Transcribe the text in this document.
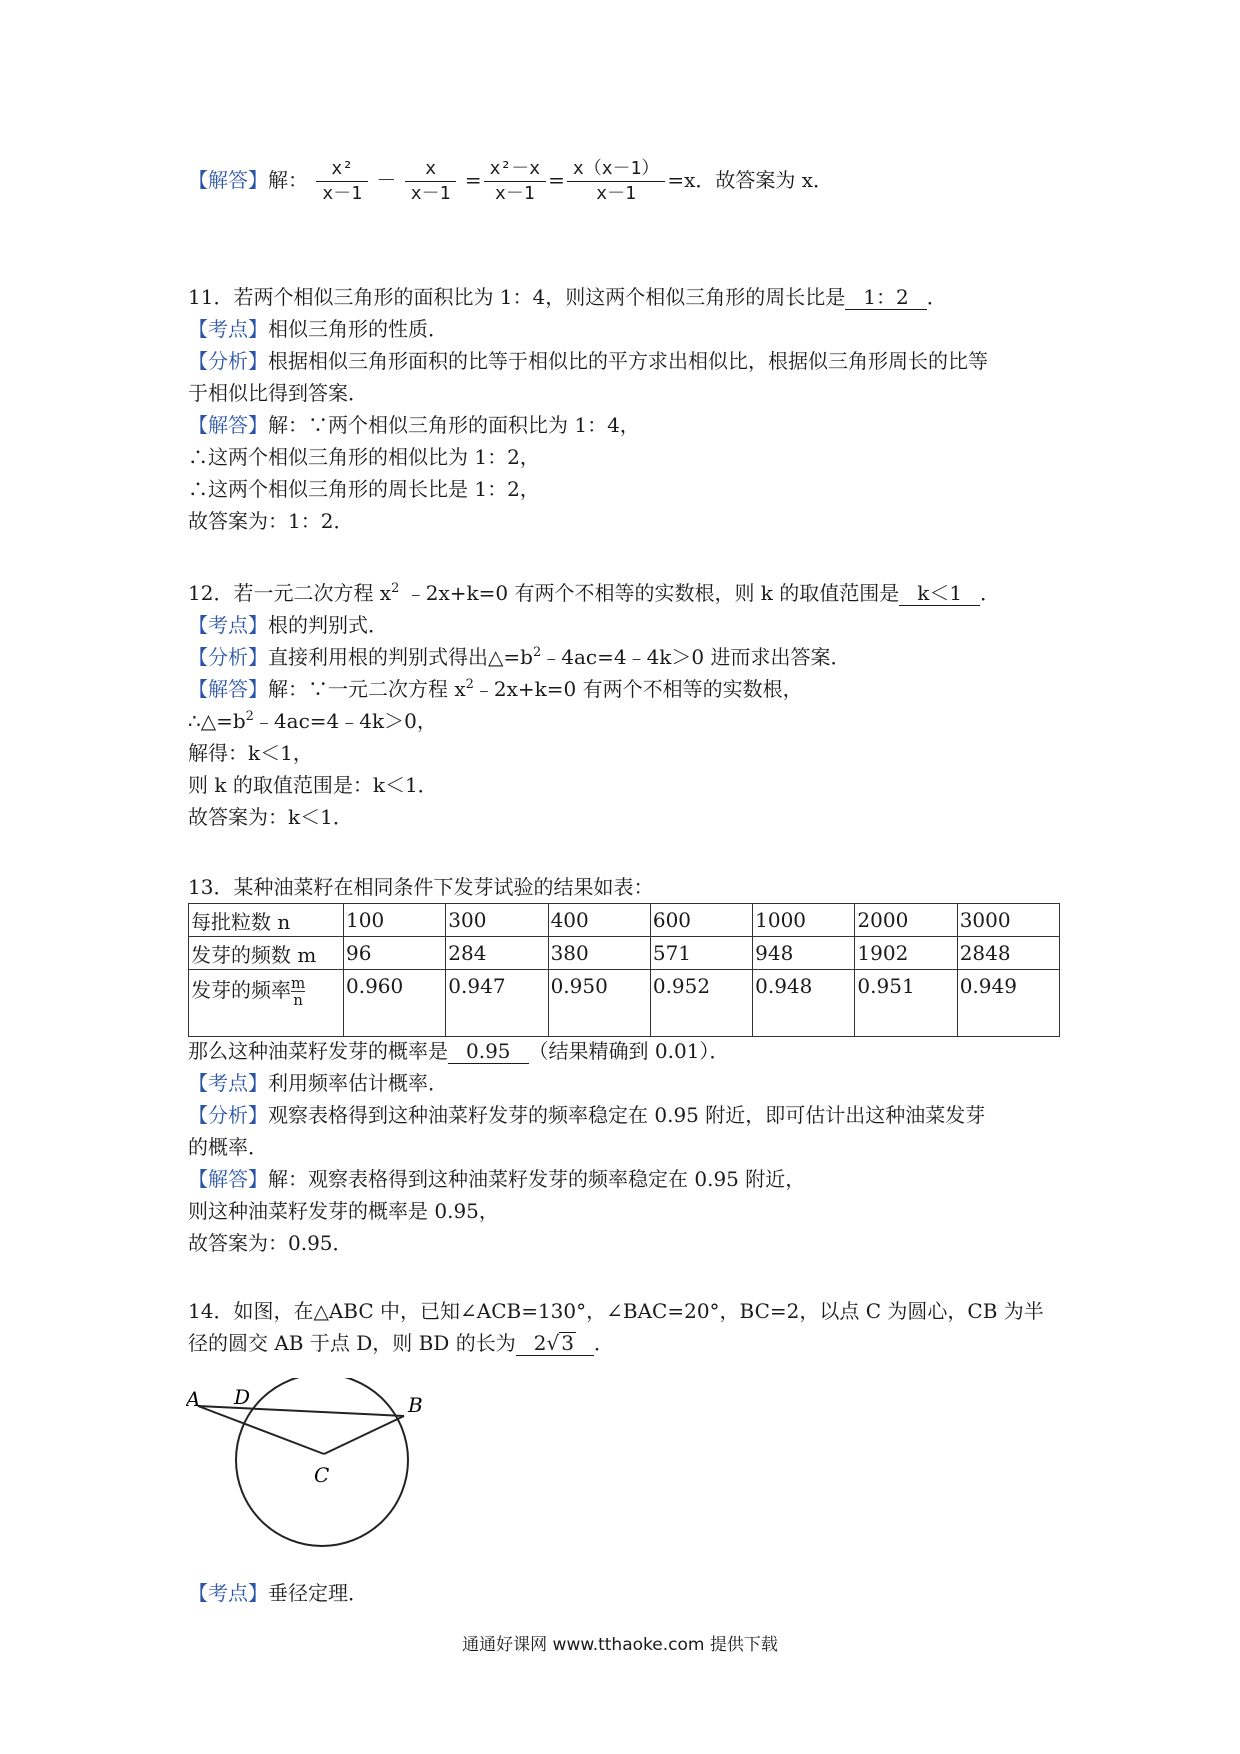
【解答】解： $\frac{\text{x²}}{x-1} - \frac{x}{x-1} = \frac{\text{x²－x}}{x-1} = \frac{x(x-1)}{x-1} =x$．故答案为 x．
11．若两个相似三角形的面积比为 1：4，则这两个相似三角形的周长比是 1：2 ．
【考点】相似三角形的性质．
【分析】根据相似三角形面积的比等于相似比的平方求出相似比，根据似三角形周长的比等
于相似比得到答案．
【解答】解：∵两个相似三角形的面积比为 1：4，
∴这两个相似三角形的相似比为 1：2，
∴这两个相似三角形的周长比是 1：2，
故答案为：1：2．
12．若一元二次方程 $x^2$ ﹣2x+k=0 有两个不相等的实数根，则 k 的取值范围是 k＜1 ．
【考点】根的判别式．
【分析】直接利用根的判别式得出$\triangle=b^2﹣4ac=4﹣4k>0$ 进而求出答案．
【解答】解：∵一元二次方程 $x^2﹣2x+k=0$ 有两个不相等的实数根，
$\therefore\triangle=b^2﹣4ac=4﹣4k>0$，
解得：k＜1，
则 k 的取值范围是：k＜1．
故答案为：k＜1．
13．某种油菜籽在相同条件下发芽试验的结果如表：
每批粒数 n	100	300	400	600	1000	2000	3000
发芽的频数 m	96	284	380	571	948	1902	2848
发芽的频率 $\frac{m}{n}$	0.960	0.947	0.950	0.952	0.948	0.951	0.949
那么这种油菜籽发芽的概率是 0.95 （结果精确到 0.01）．
【考点】利用频率估计概率．
【分析】观察表格得到这种油菜籽发芽的频率稳定在 0.95 附近，即可估计出这种油菜发芽
的概率．
【解答】解：观察表格得到这种油菜籽发芽的频率稳定在 0.95 附近，
则这种油菜籽发芽的概率是 0.95，
故答案为：0.95．
14．如图，在△ABC 中，已知∠ACB=130°，∠BAC=20°，BC=2，以点 C 为圆心，CB 为半
径的圆交 AB 于点 D，则 BD 的长为 2√ 3 ．
A D	B
C
【考点】垂径定理．
通通好课网 www.tthaoke.com 提供下载
